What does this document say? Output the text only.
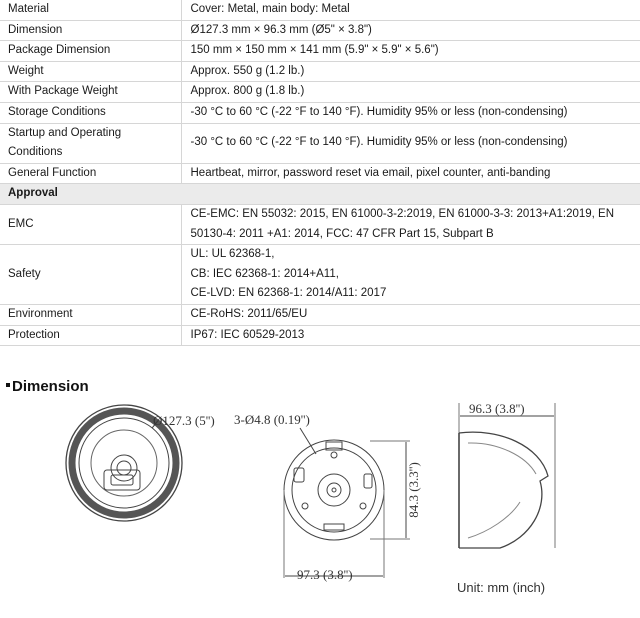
Material	Cover: Metal, main body: Metal

Dimension	Ø127.3 mm × 96.3 mm (Ø5" × 3.8")

Package Dimension	150 mm × 150 mm × 141 mm (5.9" × 5.9" × 5.6")

Weight	Approx. 550 g (1.2 lb.)

With Package Weight	Approx. 800 g (1.8 lb.)

Storage Conditions	-30 °C to 60 °C (-22 °F to 140 °F). Humidity 95% or less (non-condensing)

Startup and Operating
Conditions	-30 °C to 60 °C (-22 °F to 140 °F). Humidity 95% or less (non-condensing)

General Function	Heartbeat, mirror, password reset via email, pixel counter, anti-banding

Approval	

EMC	CE-EMC: EN 55032: 2015, EN 61000-3-2:2019, EN 61000-3-3: 2013+A1:2019, EN
50130-4: 2011 +A1: 2014, FCC: 47 CFR Part 15, Subpart B

Safety	UL: UL 62368-1,
CB: IEC 62368-1: 2014+A11,
CE-LVD: EN 62368-1: 2014/A11: 2017

Environment	CE-RoHS: 2011/65/EU

Protection	IP67: IEC 60529-2013
Dimension
Ø127.3 (5'') 3-Ø4.8 (0.19'')
84.3 (3.3'')
97.3 (3.8'')
96.3 (3.8'')
Unit: mm (inch)
